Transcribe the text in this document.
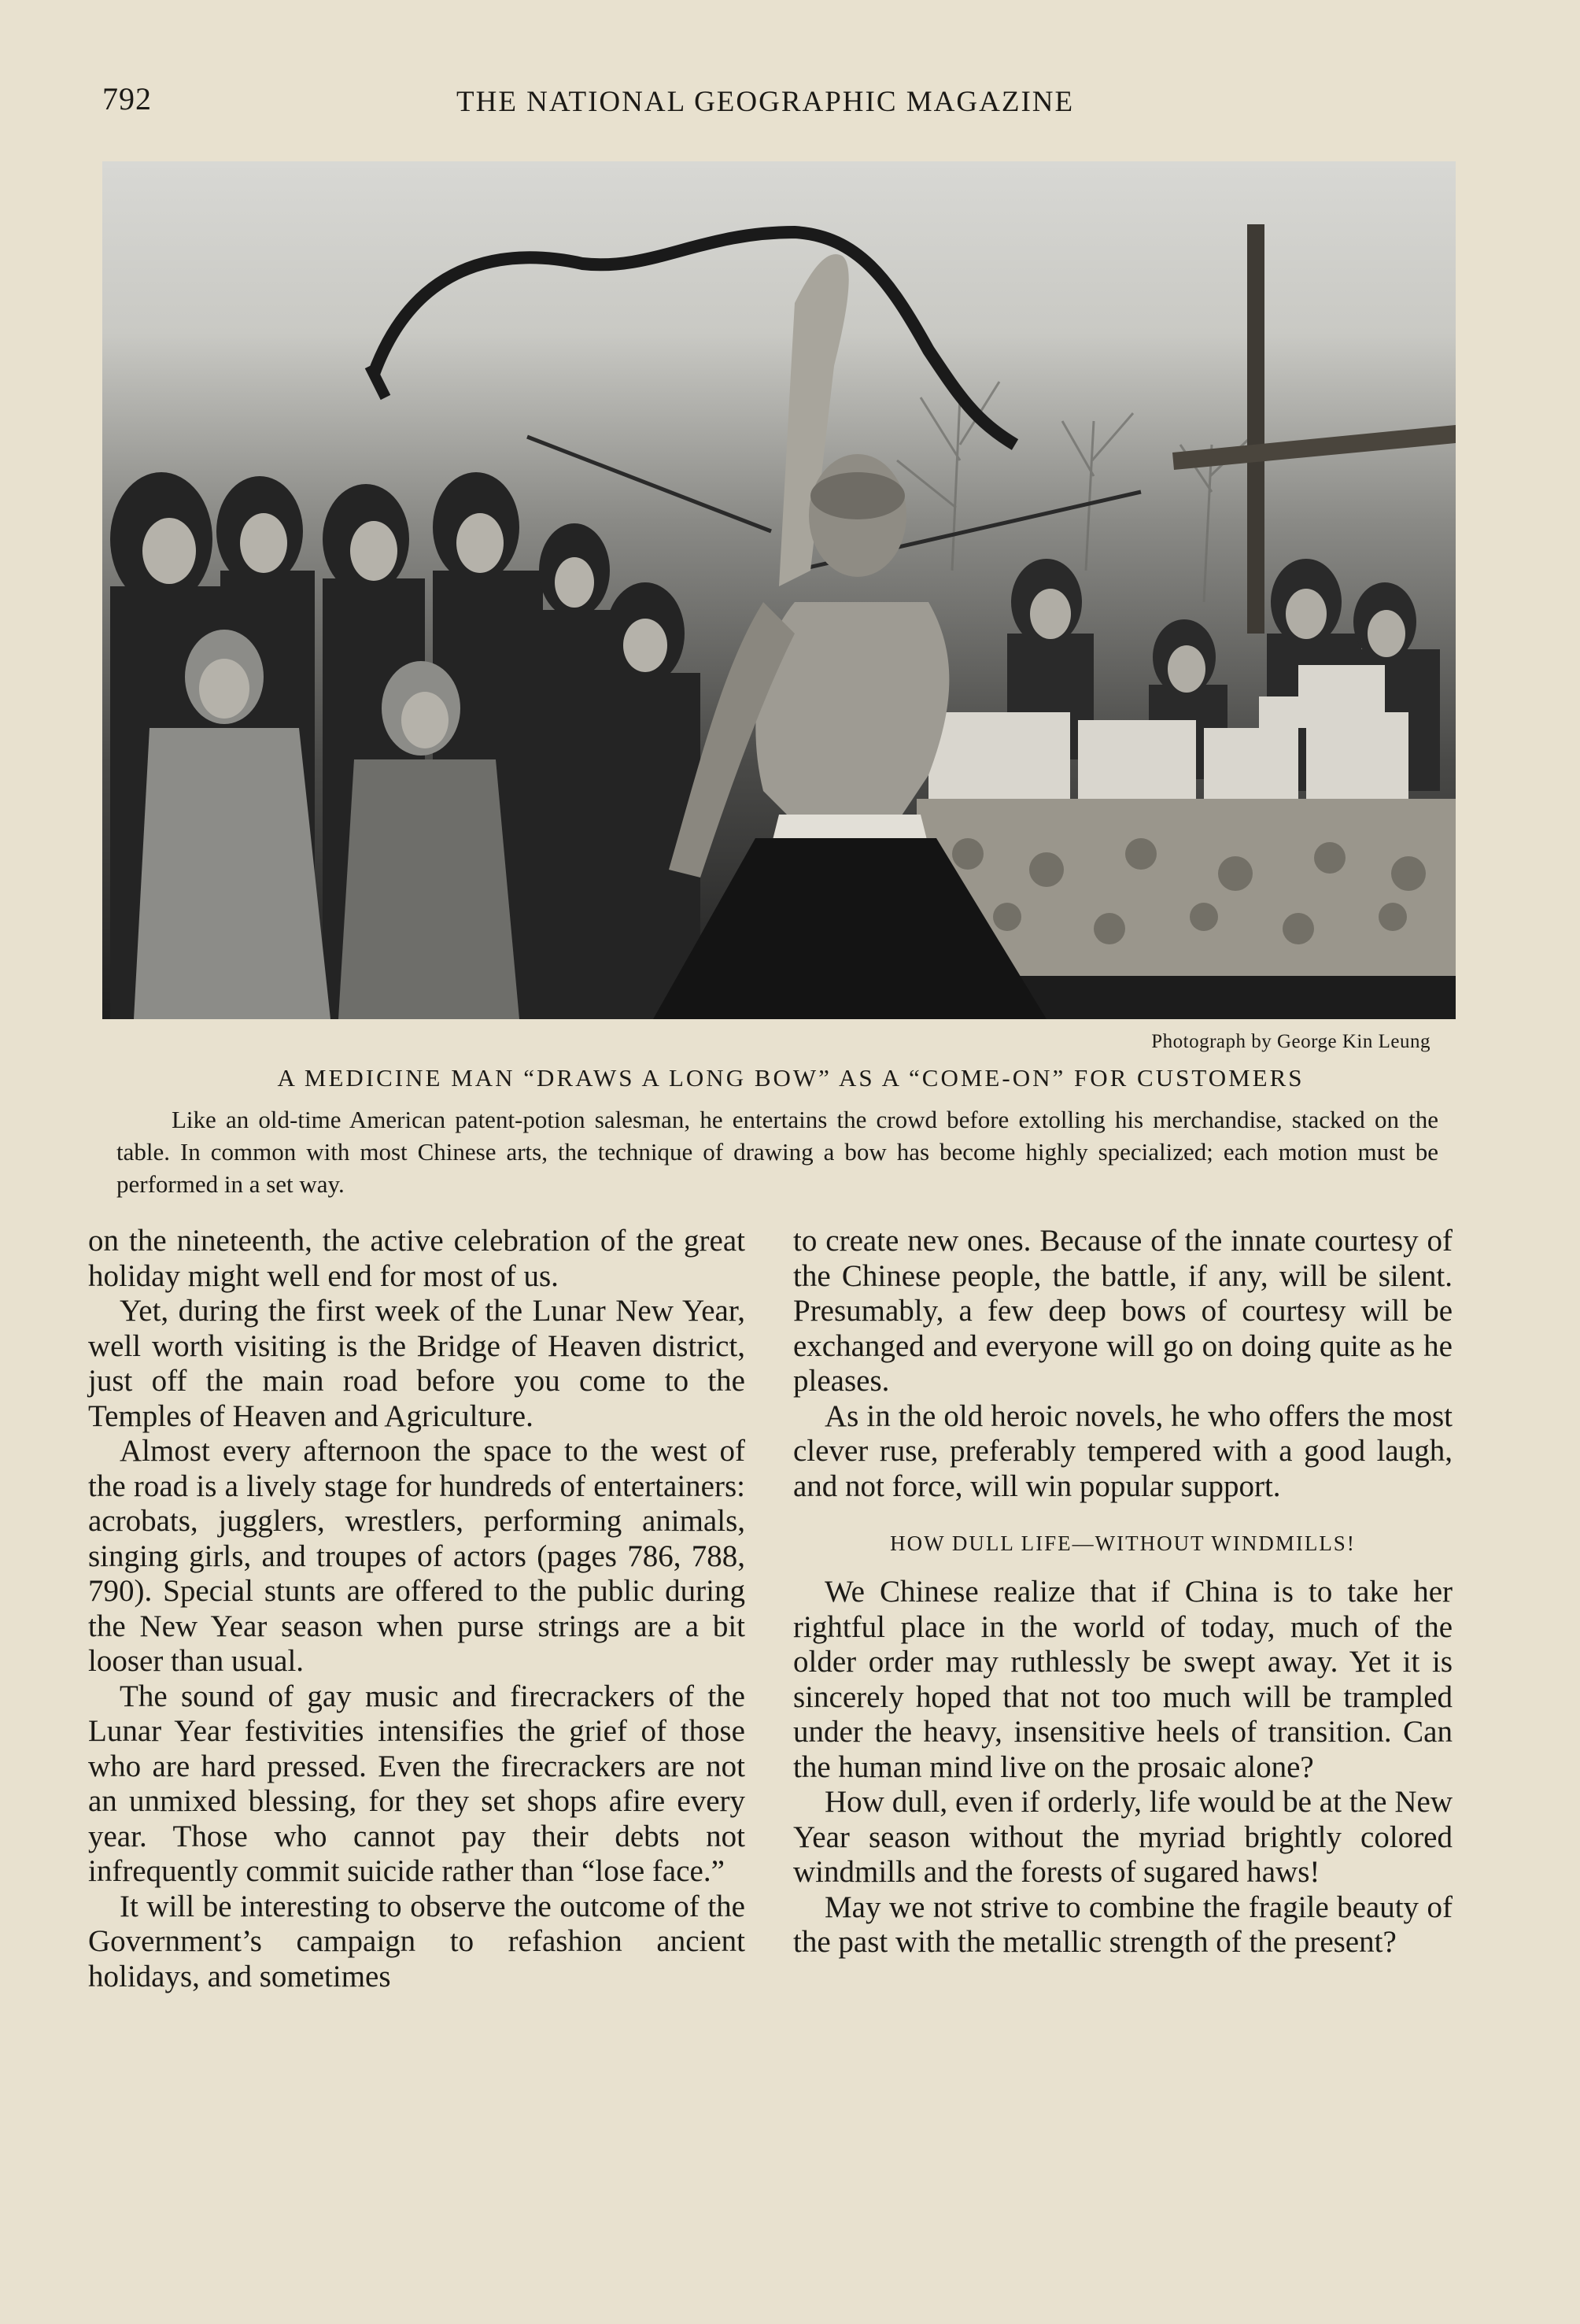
792	THE NATIONAL GEOGRAPHIC MAGAZINE
Photograph by George Kin Leung
A MEDICINE MAN “DRAWS A LONG BOW” AS A “COME-ON” FOR CUSTOMERS
Like an old-time American patent-potion salesman, he entertains the crowd before extolling his merchandise, stacked on the table. In common with most Chinese arts, the technique of drawing a bow has become highly specialized; each motion must be performed in a set way.

on the nineteenth, the active celebration of the great holiday might well end for most of us.

Yet, during the first week of the Lunar New Year, well worth visiting is the Bridge of Heaven district, just off the main road before you come to the Temples of Heaven and Agriculture.

Almost every afternoon the space to the west of the road is a lively stage for hundreds of entertainers: acrobats, jugglers, wrestlers, performing animals, singing girls, and troupes of actors (pages 786, 788, 790). Special stunts are offered to the public during the New Year season when purse strings are a bit looser than usual.

The sound of gay music and firecrackers of the Lunar Year festivities intensifies the grief of those who are hard pressed. Even the firecrackers are not an unmixed blessing, for they set shops afire every year. Those who cannot pay their debts not infrequently commit suicide rather than “lose face.”

It will be interesting to observe the outcome of the Government’s campaign to refashion ancient holidays, and sometimes

to create new ones. Because of the innate courtesy of the Chinese people, the battle, if any, will be silent. Presumably, a few deep bows of courtesy will be exchanged and everyone will go on doing quite as he pleases.

As in the old heroic novels, he who offers the most clever ruse, preferably tempered with a good laugh, and not force, will win popular support.

HOW DULL LIFE—WITHOUT WINDMILLS!

We Chinese realize that if China is to take her rightful place in the world of today, much of the older order may ruthlessly be swept away. Yet it is sincerely hoped that not too much will be trampled under the heavy, insensitive heels of transition. Can the human mind live on the prosaic alone?

How dull, even if orderly, life would be at the New Year season without the myriad brightly colored windmills and the forests of sugared haws!

May we not strive to combine the fragile beauty of the past with the metallic strength of the present?
